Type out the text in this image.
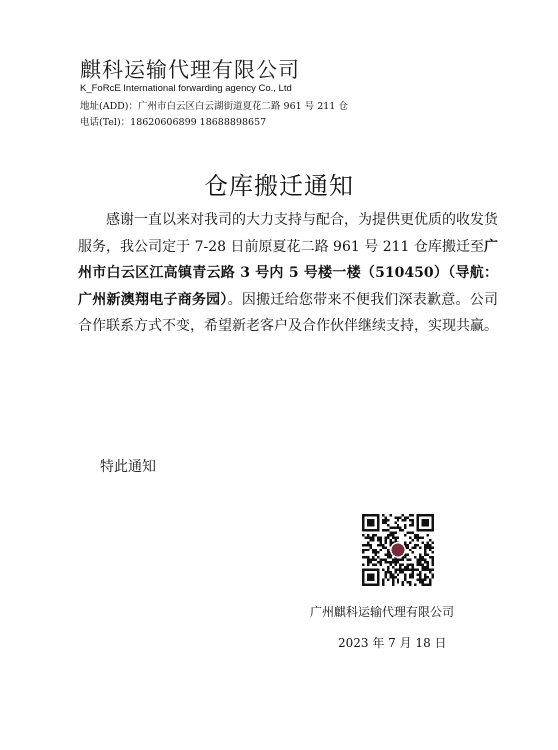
麒科运输代理有限公司
K_FoRcE International forwarding agency Co., Ltd
地址(ADD)：广州市白云区白云湖街道夏花二路 961 号 211 仓
电话(Tel)：18620606899 18688898657
仓库搬迁通知
感谢一直以来对我司的大力支持与配合，为提供更优质的收发货服务，我公司定于 7-28 日前原夏花二路 961 号 211 仓库搬迁至广州市白云区江高镇青云路 3 号内 5 号楼一楼（510450）（导航：广州新澳翔电子商务园）。因搬迁给您带来不便我们深表歉意。公司合作联系方式不变，希望新老客户及合作伙伴继续支持，实现共赢。
特此通知
广州麒科运输代理有限公司
2023 年 7 月 18 日
